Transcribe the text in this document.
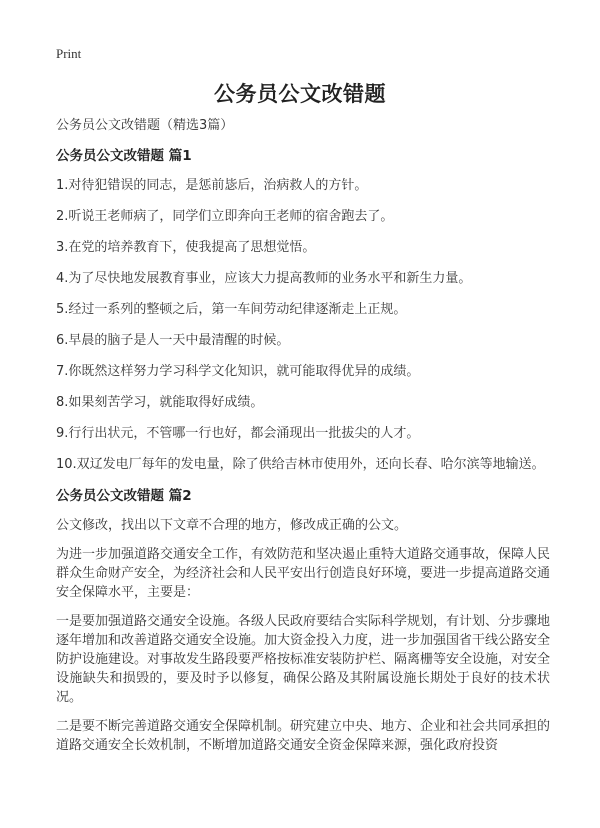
Print
公务员公文改错题
公务员公文改错题（精选3篇）
公务员公文改错题 篇1
1.对待犯错误的同志，是惩前毖后，治病救人的方针。
2.听说王老师病了，同学们立即奔向王老师的宿舍跑去了。
3.在党的培养教育下，使我提高了思想觉悟。
4.为了尽快地发展教育事业，应该大力提高教师的业务水平和新生力量。
5.经过一系列的整顿之后，第一车间劳动纪律逐渐走上正规。
6.早晨的脑子是人一天中最清醒的时候。
7.你既然这样努力学习科学文化知识，就可能取得优异的成绩。
8.如果刻苦学习，就能取得好成绩。
9.行行出状元，不管哪一行也好，都会涌现出一批拔尖的人才。
10.双辽发电厂每年的发电量，除了供给吉林市使用外，还向长春、哈尔滨等地输送。
公务员公文改错题 篇2
公文修改，找出以下文章不合理的地方，修改成正确的公文。
为进一步加强道路交通安全工作，有效防范和坚决遏止重特大道路交通事故，保障人民群众生命财产安全，为经济社会和人民平安出行创造良好环境，要进一步提高道路交通安全保障水平，主要是：
一是要加强道路交通安全设施。各级人民政府要结合实际科学规划，有计划、分步骤地逐年增加和改善道路交通安全设施。加大资金投入力度，进一步加强国省干线公路安全防护设施建设。对事故发生路段要严格按标准安装防护栏、隔离栅等安全设施，对安全设施缺失和损毁的，要及时予以修复，确保公路及其附属设施长期处于良好的技术状况。
二是要不断完善道路交通安全保障机制。研究建立中央、地方、企业和社会共同承担的道路交通安全长效机制，不断增加道路交通安全资金保障来源，强化政府投资
